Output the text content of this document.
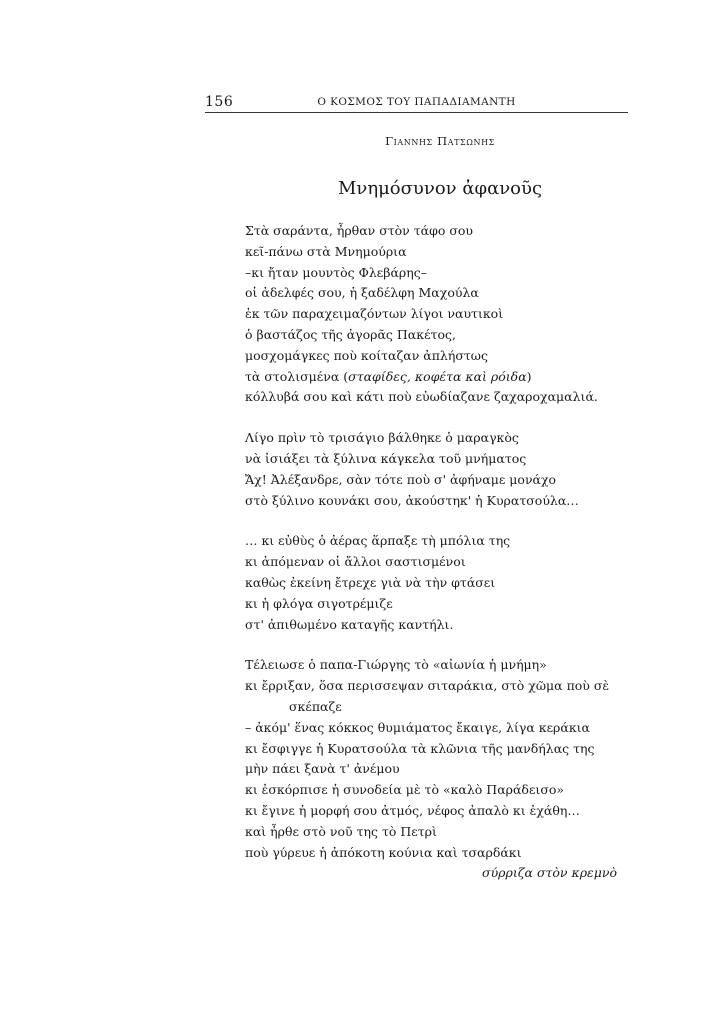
156	Ο ΚΟΣΜΟΣ ΤΟΥ ΠΑΠΑΔΙΑΜΑΝΤΗ
Γιαννης Πατσωνης
Μνημόσυνον ἀφανοῦς
Στὰ σαράντα, ἦρθαν στὸν τάφο σου
κεῖ-πάνω στὰ Μνημούρια
–κι ἤταν μουντὸς Φλεβάρης–
οἱ ἀδελφές σου, ἡ ξαδέλφη Μαχούλα
ἐκ τῶν παραχειμαζόντων λίγοι ναυτικοὶ
ὁ βαστάζος τῆς ἀγορᾶς Πακέτος,
μοσχομάγκες ποὺ κοίταζαν ἀπλήστως
τὰ στολισμένα (σταφίδες, κοφέτα καὶ ρόιδα)
κόλλυβά σου καὶ κάτι ποὺ εὐωδίαζανε ζαχαροχαμαλιά.
Λίγο πρὶν τὸ τρισάγιο βάλθηκε ὁ μαραγκὸς
νὰ ἰσιάξει τὰ ξύλινα κάγκελα τοῦ μνήματος
Ἄχ! Ἀλέξανδρε, σὰν τότε ποὺ σ' ἀφήναμε μονάχο
στὸ ξύλινο κουνάκι σου, ἀκούστηκ' ἡ Κυρατσούλα…
… κι εὐθὺς ὁ ἀέρας ἅρπαξε τὴ μπόλια της
κι ἀπόμεναν οἱ ἄλλοι σαστισμένοι
καθὼς ἐκείνη ἔτρεχε γιὰ νὰ τὴν φτάσει
κι ἡ φλόγα σιγοτρέμιζε
στ' ἀπιθωμένο καταγῆς καντήλι.
Τέλειωσε ὁ παπα-Γιώργης τὸ «αἰωνία ἡ μνήμη»
κι ἔρριξαν, ὅσα περισσεψαν σιταράκια, στὸ χῶμα ποὺ σὲ
σκέπαζε
– ἀκόμ' ἕνας κόκκος θυμιάματος ἔκαιγε, λίγα κεράκια
κι ἔσφιγγε ἡ Κυρατσούλα τὰ κλῶνια τῆς μανδήλας της
μὴν πάει ξανὰ τ' ἀνέμου
κι ἐσκόρπισε ἡ συνοδεία μὲ τὸ «καλὸ Παράδεισο»
κι ἔγινε ἡ μορφή σου ἀτμός, νέφος ἀπαλὸ κι ἐχάθη…
καὶ ἦρθε στὸ νοῦ της τὸ Πετρὶ
ποὺ γύρευε ἡ ἀπόκοτη κούνια καὶ τσαρδάκι
σύρριζα στὸν κρεμνὸ
